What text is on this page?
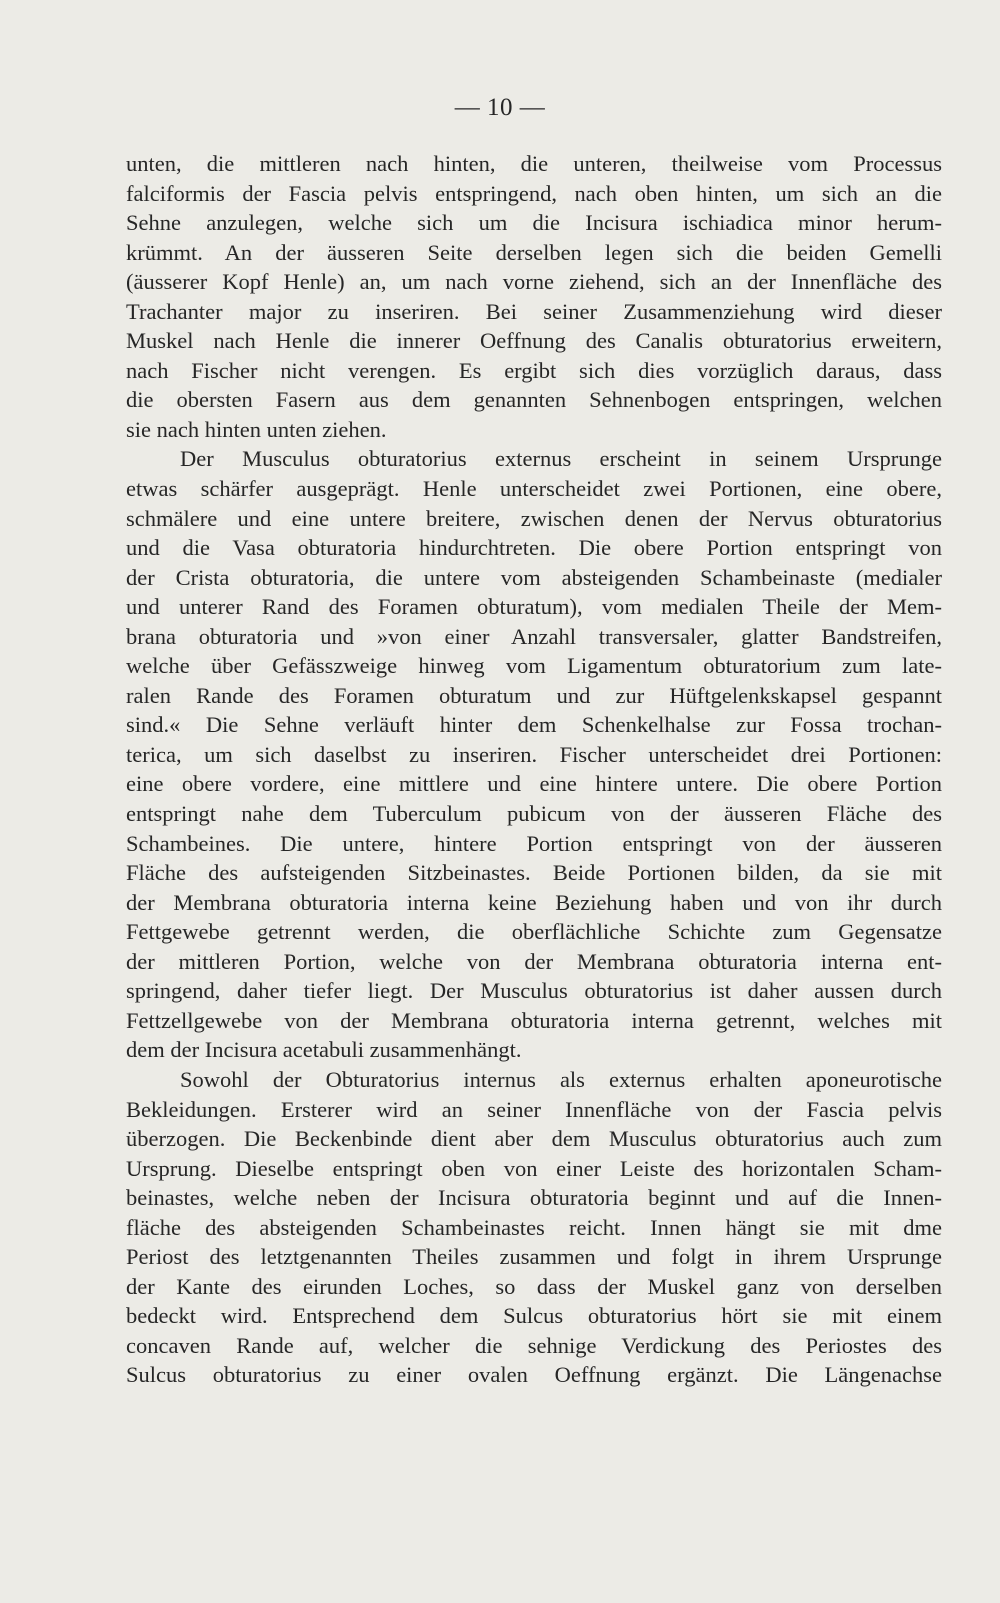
— 10 —
unten, die mittleren nach hinten, die unteren, theilweise vom Processus
falciformis der Fascia pelvis entspringend, nach oben hinten, um sich an die
Sehne anzulegen, welche sich um die Incisura ischiadica minor herum-
krümmt. An der äusseren Seite derselben legen sich die beiden Gemelli
(äusserer Kopf Henle) an, um nach vorne ziehend, sich an der Innenfläche des
Trachanter major zu inseriren. Bei seiner Zusammenziehung wird dieser
Muskel nach Henle die innerer Oeffnung des Canalis obturatorius erweitern,
nach Fischer nicht verengen. Es ergibt sich dies vorzüglich daraus, dass
die obersten Fasern aus dem genannten Sehnenbogen entspringen, welchen
sie nach hinten unten ziehen.
Der Musculus obturatorius externus erscheint in seinem Ursprunge
etwas schärfer ausgeprägt. Henle unterscheidet zwei Portionen, eine obere,
schmälere und eine untere breitere, zwischen denen der Nervus obturatorius
und die Vasa obturatoria hindurchtreten. Die obere Portion entspringt von
der Crista obturatoria, die untere vom absteigenden Schambeinaste (medialer
und unterer Rand des Foramen obturatum), vom medialen Theile der Mem-
brana obturatoria und »von einer Anzahl transversaler, glatter Bandstreifen,
welche über Gefässzweige hinweg vom Ligamentum obturatorium zum late-
ralen Rande des Foramen obturatum und zur Hüftgelenkskapsel gespannt
sind.« Die Sehne verläuft hinter dem Schenkelhalse zur Fossa trochan-
terica, um sich daselbst zu inseriren. Fischer unterscheidet drei Portionen:
eine obere vordere, eine mittlere und eine hintere untere. Die obere Portion
entspringt nahe dem Tuberculum pubicum von der äusseren Fläche des
Schambeines. Die untere, hintere Portion entspringt von der äusseren
Fläche des aufsteigenden Sitzbeinastes. Beide Portionen bilden, da sie mit
der Membrana obturatoria interna keine Beziehung haben und von ihr durch
Fettgewebe getrennt werden, die oberflächliche Schichte zum Gegensatze
der mittleren Portion, welche von der Membrana obturatoria interna ent-
springend, daher tiefer liegt. Der Musculus obturatorius ist daher aussen durch
Fettzellgewebe von der Membrana obturatoria interna getrennt, welches mit
dem der Incisura acetabuli zusammenhängt.
Sowohl der Obturatorius internus als externus erhalten aponeurotische
Bekleidungen. Ersterer wird an seiner Innenfläche von der Fascia pelvis
überzogen. Die Beckenbinde dient aber dem Musculus obturatorius auch zum
Ursprung. Dieselbe entspringt oben von einer Leiste des horizontalen Scham-
beinastes, welche neben der Incisura obturatoria beginnt und auf die Innen-
fläche des absteigenden Schambeinastes reicht. Innen hängt sie mit dme
Periost des letztgenannten Theiles zusammen und folgt in ihrem Ursprunge
der Kante des eirunden Loches, so dass der Muskel ganz von derselben
bedeckt wird. Entsprechend dem Sulcus obturatorius hört sie mit einem
concaven Rande auf, welcher die sehnige Verdickung des Periostes des
Sulcus obturatorius zu einer ovalen Oeffnung ergänzt. Die Längenachse
